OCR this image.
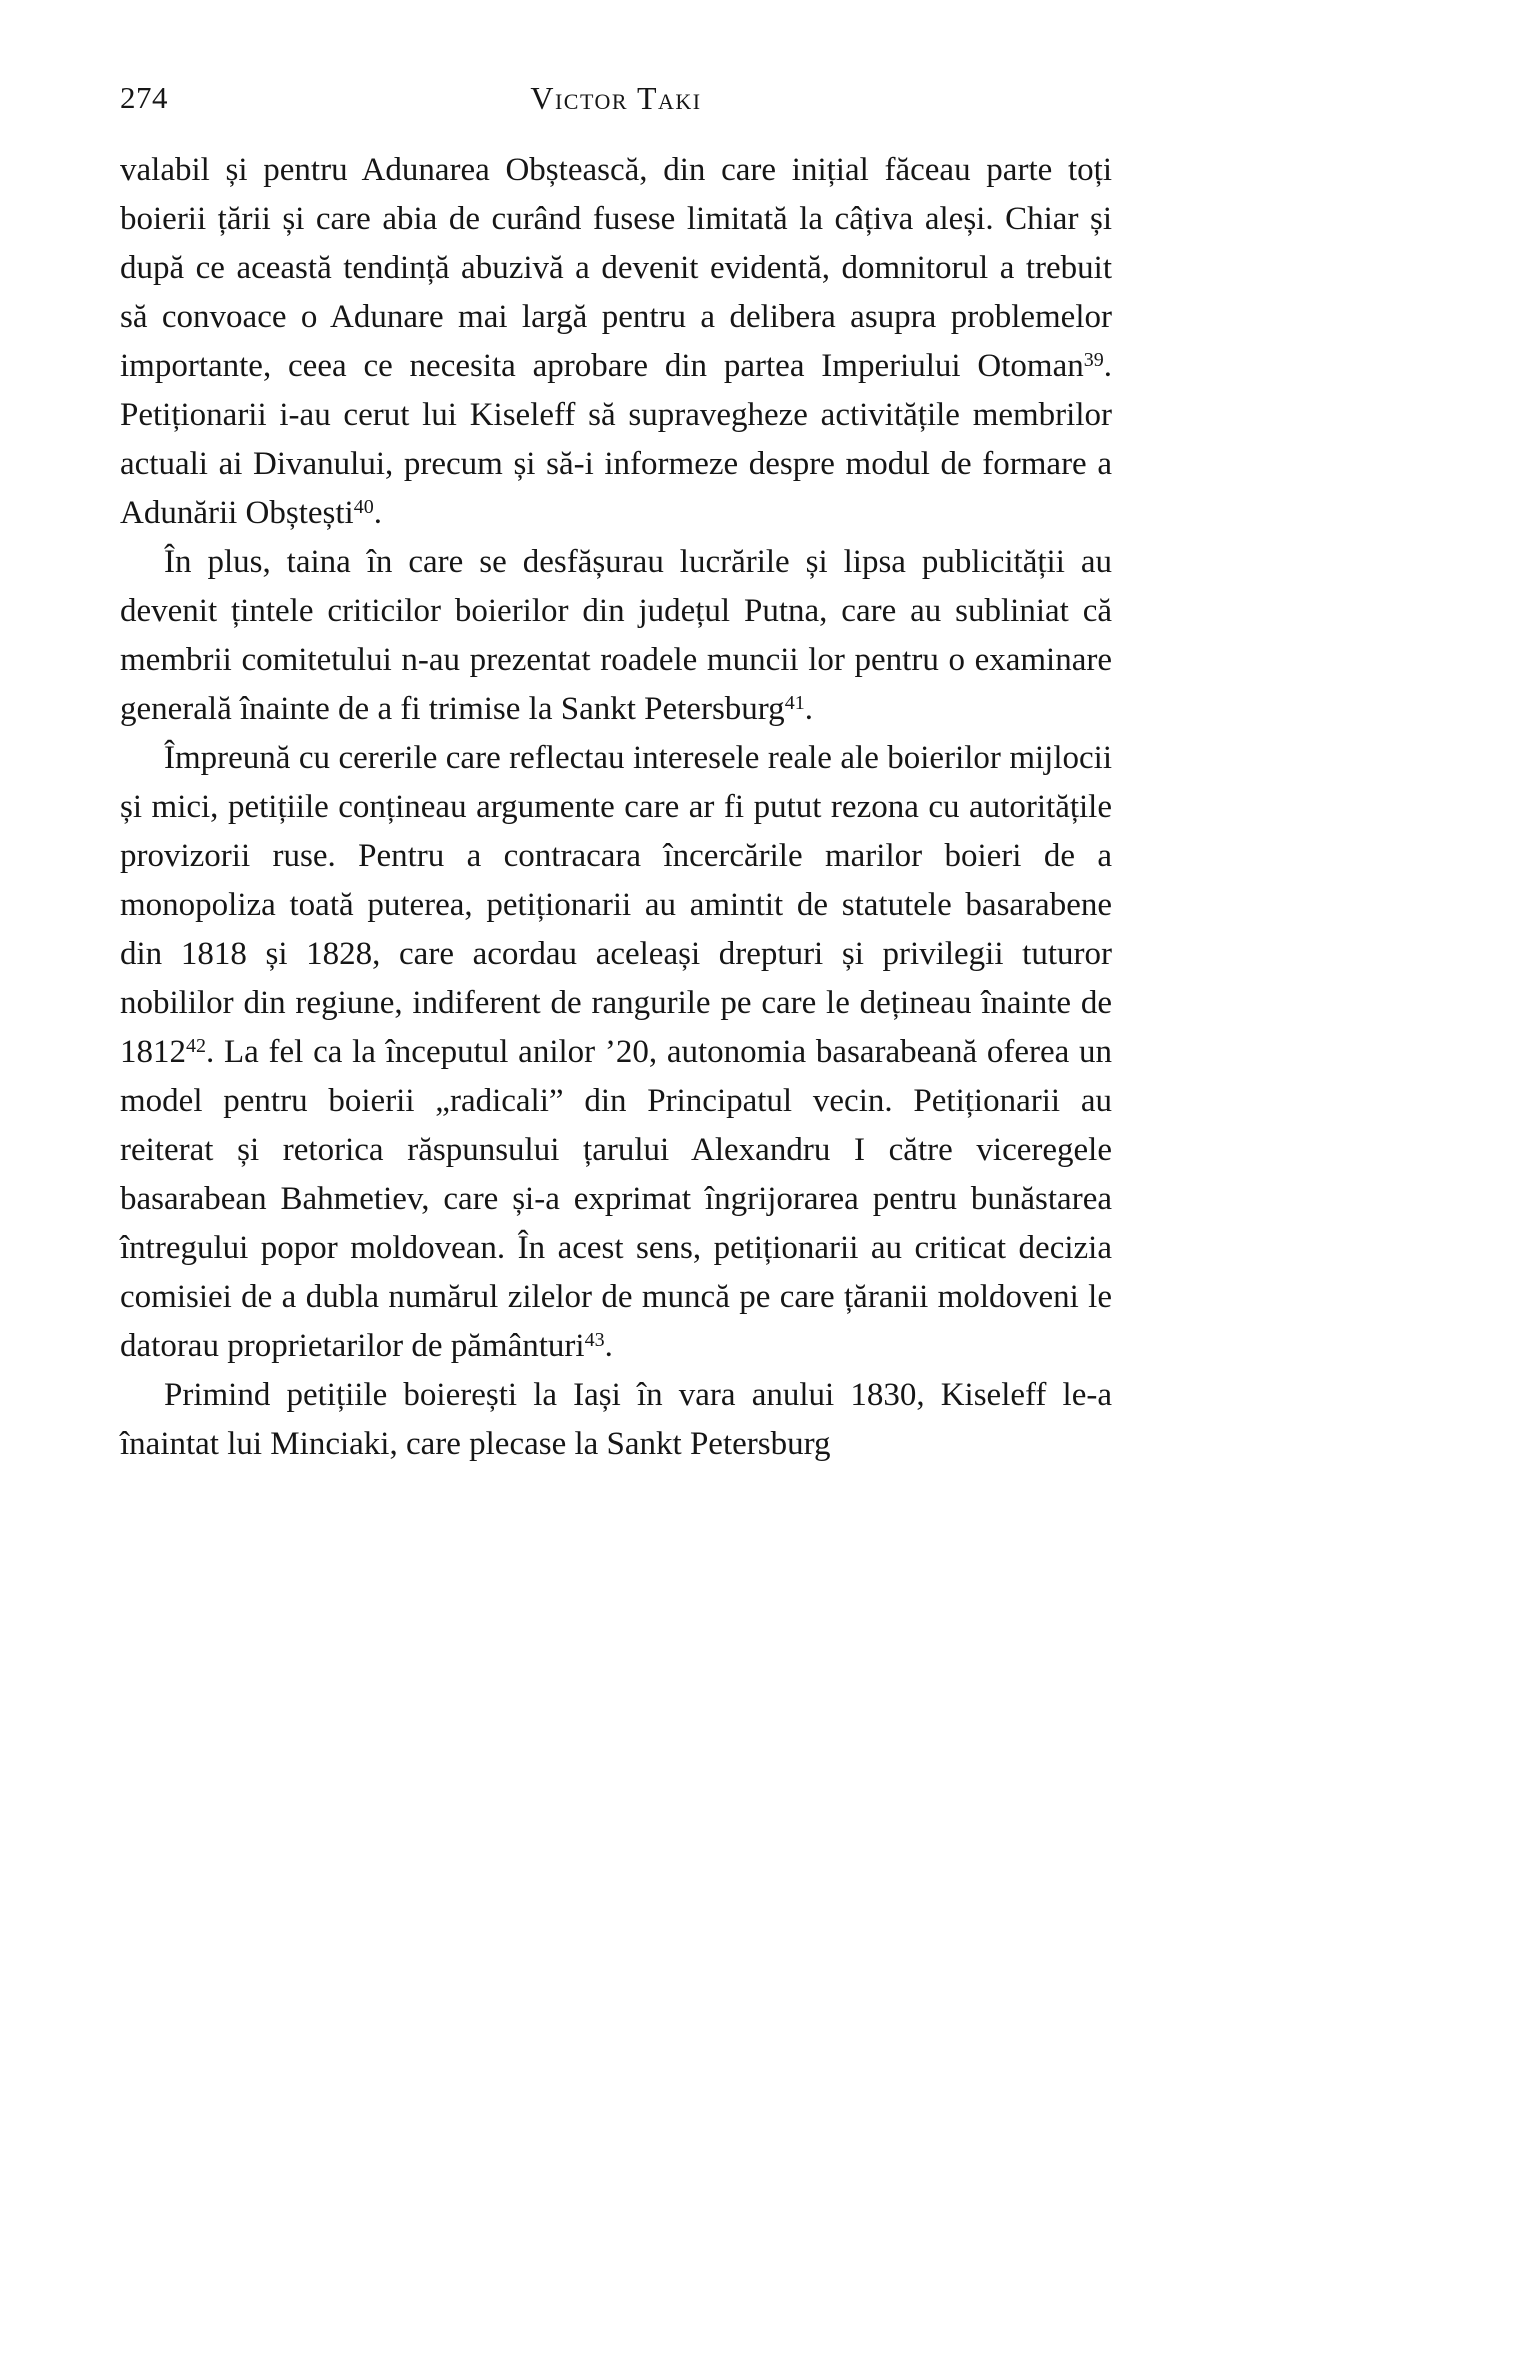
274	Victor Taki

valabil și pentru Adunarea Obștească, din care inițial făceau parte toți boierii țării și care abia de curând fusese limitată la câțiva aleși. Chiar și după ce această tendință abuzivă a devenit evidentă, domnitorul a trebuit să convoace o Adunare mai largă pentru a delibera asupra problemelor importante, ceea ce necesita aprobare din partea Imperiului Otoman$^{39}$. Petiționarii i-au cerut lui Kiseleff să supravegheze activitățile membrilor actuali ai Divanului, precum și să-i informeze despre modul de formare a Adunării Obștești$^{40}$.

În plus, taina în care se desfășurau lucrările și lipsa publicității au devenit țintele criticilor boierilor din județul Putna, care au subliniat că membrii comitetului n-au prezentat roadele muncii lor pentru o examinare generală înainte de a fi trimise la Sankt Petersburg$^{41}$.

Împreună cu cererile care reflectau interesele reale ale boierilor mijlocii și mici, petițiile conțineau argumente care ar fi putut rezona cu autoritățile provizorii ruse. Pentru a contracara încercările marilor boieri de a monopoliza toată puterea, petiționarii au amintit de statutele basarabene din 1818 și 1828, care acordau aceleași drepturi și privilegii tuturor nobililor din regiune, indiferent de rangurile pe care le dețineau înainte de 1812$^{42}$. La fel ca la începutul anilor ’20, autonomia basarabeană oferea un model pentru boierii „radicali” din Principatul vecin. Petiționarii au reiterat și retorica răspunsului țarului Alexandru I către viceregele basarabean Bahmetiev, care și-a exprimat îngrijorarea pentru bunăstarea întregului popor moldovean. În acest sens, petiționarii au criticat decizia comisiei de a dubla numărul zilelor de muncă pe care țăranii moldoveni le datorau proprietarilor de pământuri$^{43}$.

Primind petițiile boierești la Iași în vara anului 1830, Kiseleff le-a înaintat lui Minciaki, care plecase la Sankt Petersburg
